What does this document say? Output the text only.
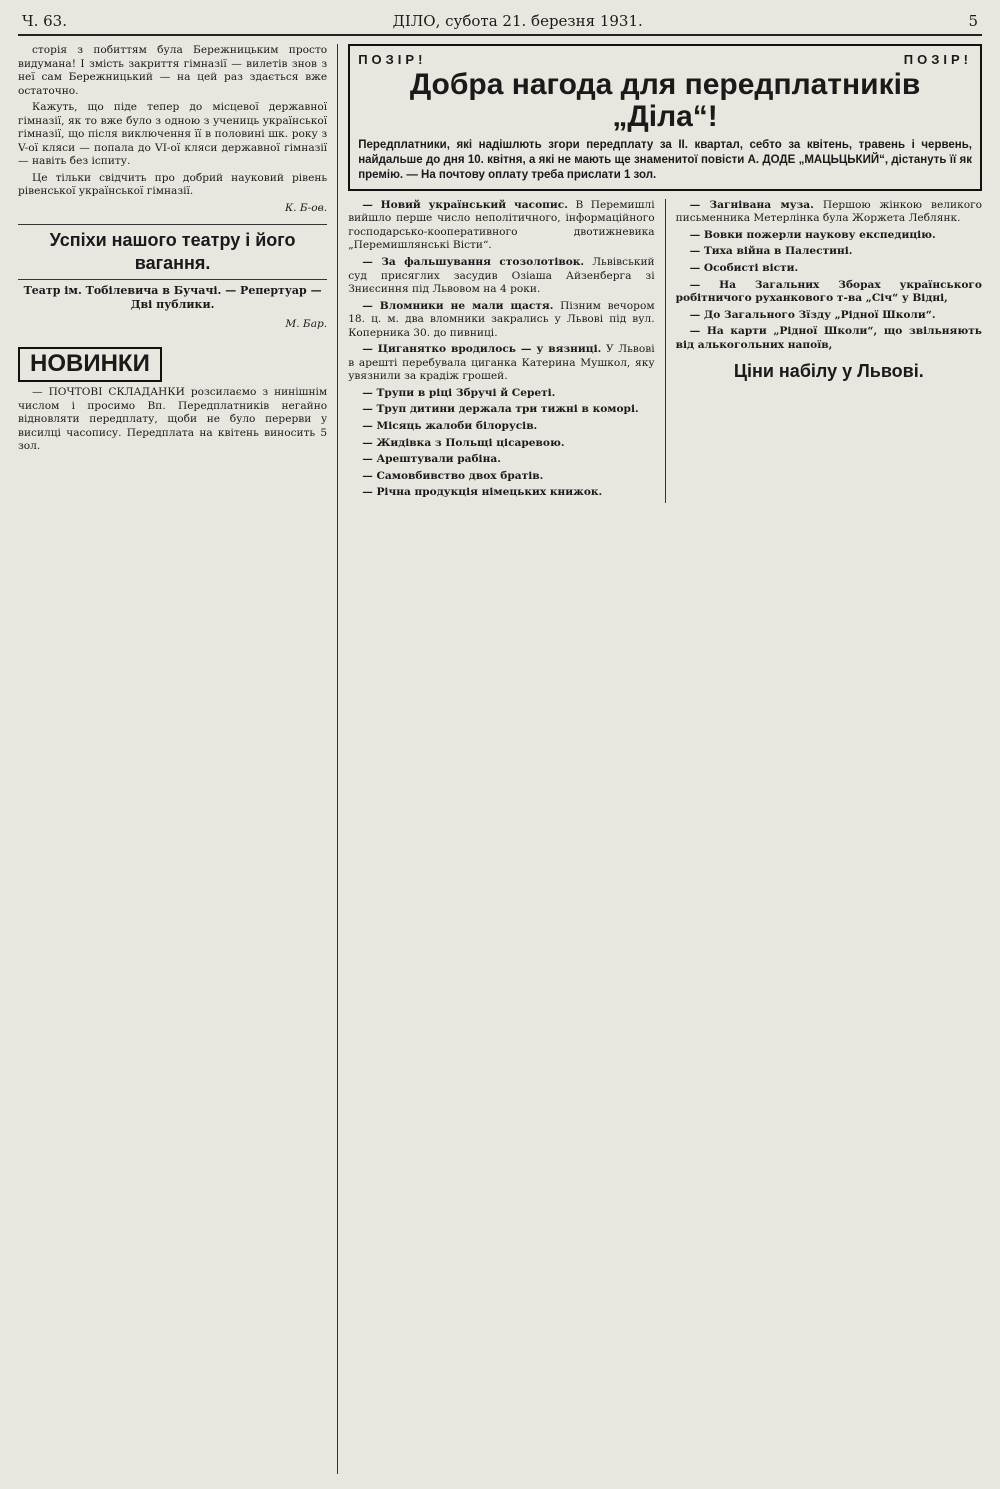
Ч. 63.	ДІЛО, субота 21. березня 1931.	5

сторія з побиттям була Бережницьким просто видумана! І змість закриття гімназії — вилетів знов з неї сам Бережницький — на цей раз здається вже остаточно.

Кажуть, що піде тепер до місцевої державної гімназії, як то вже було з одною з учениць української гімназії, що після виключення її в половині шк. року з V-ої кляси — попала до VI-ої кляси державної гімназії — навіть без іспиту.

Це тільки свідчить про добрий науковий рівень рівенської української гімназії.

К. Б-ов.
Успіхи нашого театру і його вагання.
Театр ім. Тобілевича в Бучачі. — Репертуар — Дві публики.
М. Бар.
НОВИНКИ

— ПОЧТОВІ СКЛАДАНКИ розсилаємо з нинішнім числом і просимо Вп. Передплатників негайно відновляти передплату, щоби не було перерви у висилці часопису. Передплата на квітень виносить 5 зол.

ПОЗІР!	ПОЗІР!
Добра нагода для передплатників „Діла“!
Передплатники, які надішлють згори передплату за II. квартал, себто за квітень, травень і червень, найдальше до дня 10. квітня, а які не мають ще знаменитої повісти А. ДОДЕ „МАЦЬЦЬКИЙ“, дістануть її як премію. — На почтову оплату треба прислати 1 зол.

— Новий український часопис. В Перемишлі вийшло перше число неполітичного, інформаційного господарсько-кооперативного двотижневика „Перемишлянські Вісти“.

— За фальшування стозолотівок. Львівський суд присяглих засудив Озіаша Айзенберга зі Зниєсиння під Львовом на 4 роки.

— Вломники не мали щастя. Пізним вечором 18. ц. м. два вломники закрались у Львові під вул. Коперника 30. до пивниці.

— Циганятко вродилось — у вязниці. У Львові в арешті перебувала циганка Катерина Мушкол, яку увязнили за крадіж грошей.

— Трупи в ріці Збручі й Сереті.

— Труп дитини держала три тижні в коморі.

— Місяць жалоби білорусів.

— Жидівка з Польщі цісаревою.

— Арештували рабіна.

— Самовбивство двох братів.

— Річна продукція німецьких книжок.

— Загнівана муза. Першою жінкою великого письменника Метерлінка була Жоржета Леблянк.

— Вовки пожерли наукову експедицію.

— Тиха війна в Палестині.

— Особисті вісти.

— На Загальних Зборах українського робітничого руханкового т-ва „Січ“ у Відні,

— До Загального Зїзду „Рідної Школи“.

— На карти „Рідної Школи“, що звільняють від алькогольних напоїв,

Ціни набілу у Львові.
